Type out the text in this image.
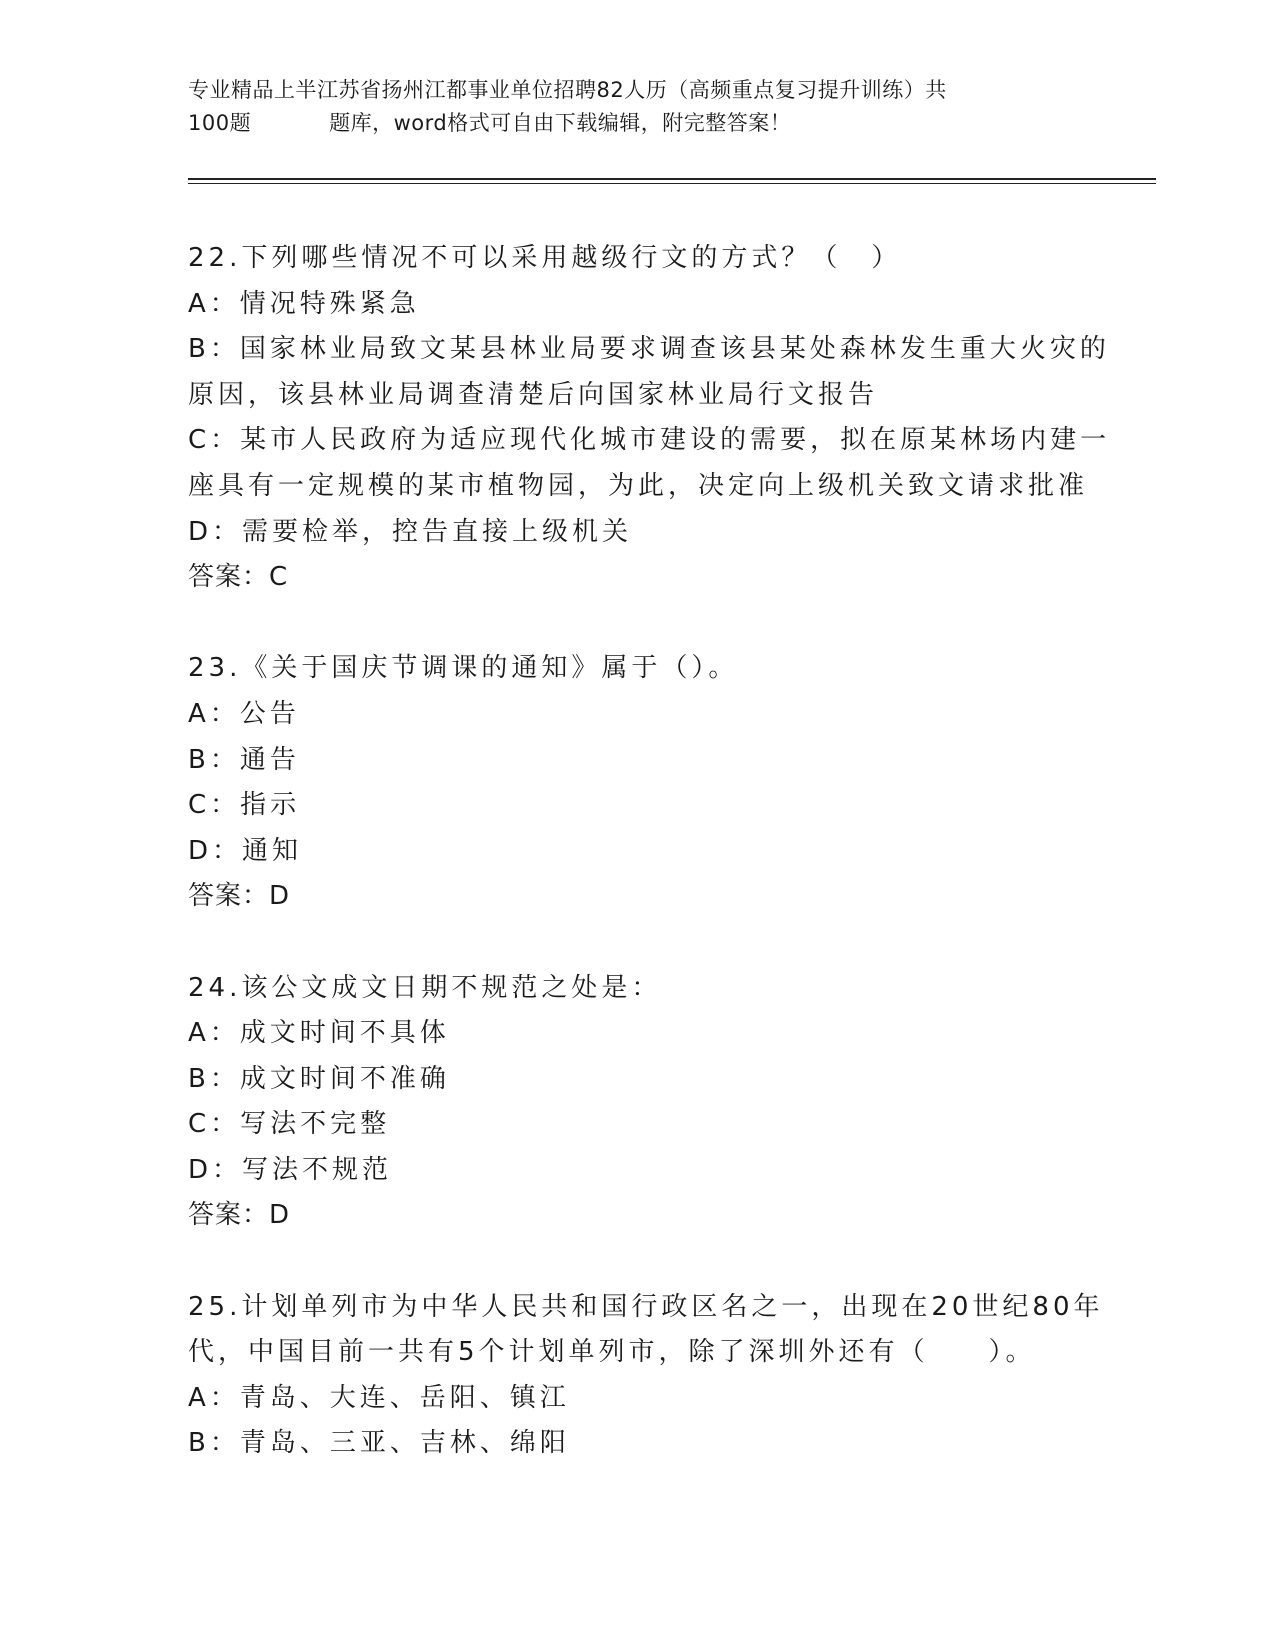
专业精品上半江苏省扬州江都事业单位招聘82人历（高频重点复习提升训练）共
100题	题库，word格式可自由下载编辑，附完整答案！
22.下列哪些情况不可以采用越级行文的方式？（　）
A：情况特殊紧急
B：国家林业局致文某县林业局要求调查该县某处森林发生重大火灾的
原因，该县林业局调查清楚后向国家林业局行文报告
C：某市人民政府为适应现代化城市建设的需要，拟在原某林场内建一
座具有一定规模的某市植物园，为此，决定向上级机关致文请求批准
D：需要检举，控告直接上级机关
答案：C
23.《关于国庆节调课的通知》属于（）。
A：公告
B：通告
C：指示
D：通知
答案：D
24.该公文成文日期不规范之处是：
A：成文时间不具体
B：成文时间不准确
C：写法不完整
D：写法不规范
答案：D
25.计划单列市为中华人民共和国行政区名之一，出现在20世纪80年
代，中国目前一共有5个计划单列市，除了深圳外还有（　　）。
A：青岛、大连、岳阳、镇江
B：青岛、三亚、吉林、绵阳
